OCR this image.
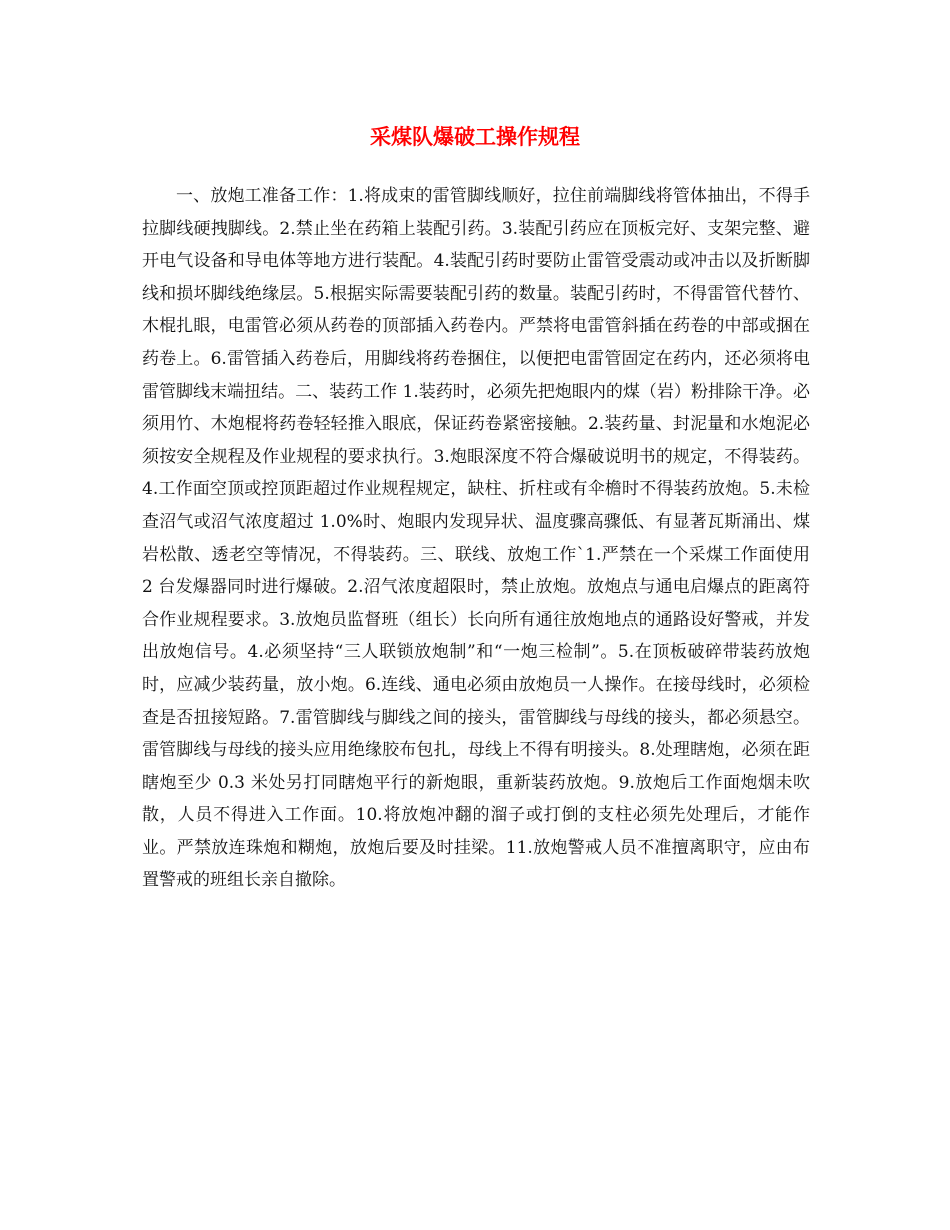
采煤队爆破工操作规程

一、放炮工准备工作：1.将成束的雷管脚线顺好，拉住前端脚线将管体抽出，不得手拉脚线硬拽脚线。2.禁止坐在药箱上装配引药。3.装配引药应在顶板完好、支架完整、避开电气设备和导电体等地方进行装配。4.装配引药时要防止雷管受震动或冲击以及折断脚线和损坏脚线绝缘层。5.根据实际需要装配引药的数量。装配引药时，不得雷管代替竹、木棍扎眼，电雷管必须从药卷的顶部插入药卷内。严禁将电雷管斜插在药卷的中部或捆在药卷上。6.雷管插入药卷后，用脚线将药卷捆住，以便把电雷管固定在药内，还必须将电雷管脚线末端扭结。二、装药工作 1.装药时，必须先把炮眼内的煤（岩）粉排除干净。必须用竹、木炮棍将药卷轻轻推入眼底，保证药卷紧密接触。2.装药量、封泥量和水炮泥必须按安全规程及作业规程的要求执行。3.炮眼深度不符合爆破说明书的规定，不得装药。4.工作面空顶或控顶距超过作业规程规定，缺柱、折柱或有伞檐时不得装药放炮。5.未检查沼气或沼气浓度超过 1.0%时、炮眼内发现异状、温度骤高骤低、有显著瓦斯涌出、煤岩松散、透老空等情况，不得装药。三、联线、放炮工作`1.严禁在一个采煤工作面使用 2 台发爆器同时进行爆破。2.沼气浓度超限时，禁止放炮。放炮点与通电启爆点的距离符合作业规程要求。3.放炮员监督班（组长）长向所有通往放炮地点的通路设好警戒，并发出放炮信号。4.必须坚持“三人联锁放炮制”和“一炮三检制”。5.在顶板破碎带装药放炮时，应减少装药量，放小炮。6.连线、通电必须由放炮员一人操作。在接母线时，必须检查是否扭接短路。7.雷管脚线与脚线之间的接头，雷管脚线与母线的接头，都必须悬空。雷管脚线与母线的接头应用绝缘胶布包扎，母线上不得有明接头。8.处理瞎炮，必须在距瞎炮至少 0.3 米处另打同瞎炮平行的新炮眼，重新装药放炮。9.放炮后工作面炮烟未吹散，人员不得进入工作面。10.将放炮冲翻的溜子或打倒的支柱必须先处理后，才能作业。严禁放连珠炮和糊炮，放炮后要及时挂梁。11.放炮警戒人员不准擅离职守，应由布置警戒的班组长亲自撤除。
